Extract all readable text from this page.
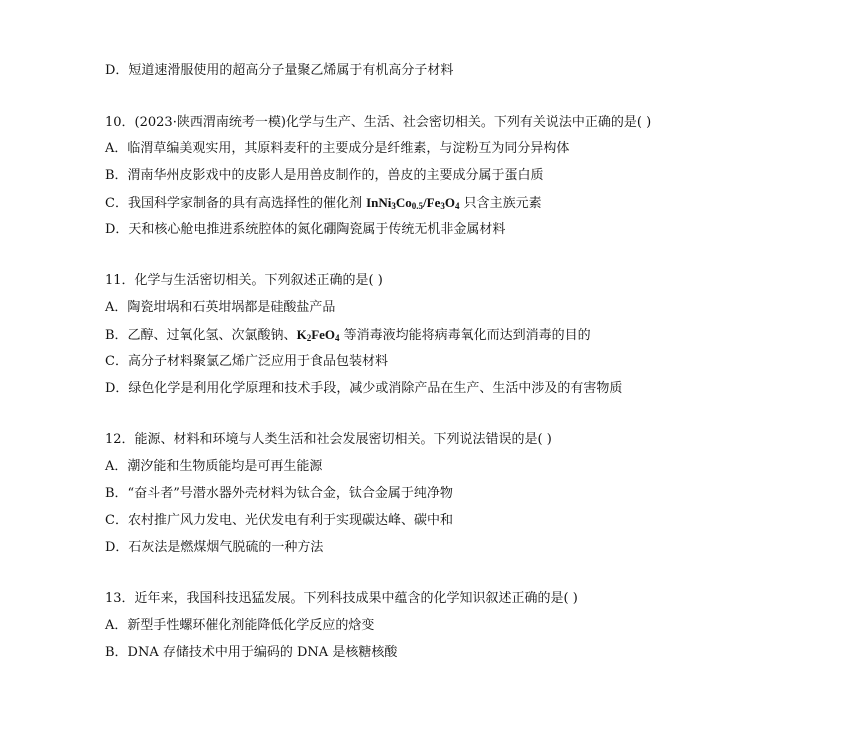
D．短道速滑服使用的超高分子量聚乙烯属于有机高分子材料
10．(2023·陕西渭南统考一模)化学与生产、生活、社会密切相关。下列有关说法中正确的是( )
A．临渭草编美观实用，其原料麦秆的主要成分是纤维素，与淀粉互为同分异构体
B．渭南华州皮影戏中的皮影人是用兽皮制作的，兽皮的主要成分属于蛋白质
C．我国科学家制备的具有高选择性的催化剂 $InNi_3Co_{0.5}/Fe_3O_4$ 只含主族元素
D．天和核心舱电推进系统腔体的氮化硼陶瓷属于传统无机非金属材料
11．化学与生活密切相关。下列叙述正确的是( )
A．陶瓷坩埚和石英坩埚都是硅酸盐产品
B．乙醇、过氧化氢、次氯酸钠、$K_2FeO_4$ 等消毒液均能将病毒氧化而达到消毒的目的
C．高分子材料聚氯乙烯广泛应用于食品包装材料
D．绿色化学是利用化学原理和技术手段，减少或消除产品在生产、生活中涉及的有害物质
12．能源、材料和环境与人类生活和社会发展密切相关。下列说法错误的是( )
A．潮汐能和生物质能均是可再生能源
B．“奋斗者”号潜水器外壳材料为钛合金，钛合金属于纯净物
C．农村推广风力发电、光伏发电有利于实现碳达峰、碳中和
D．石灰法是燃煤烟气脱硫的一种方法
13．近年来，我国科技迅猛发展。下列科技成果中蕴含的化学知识叙述正确的是( )
A．新型手性螺环催化剂能降低化学反应的焓变
B．DNA 存储技术中用于编码的 DNA 是核糖核酸
